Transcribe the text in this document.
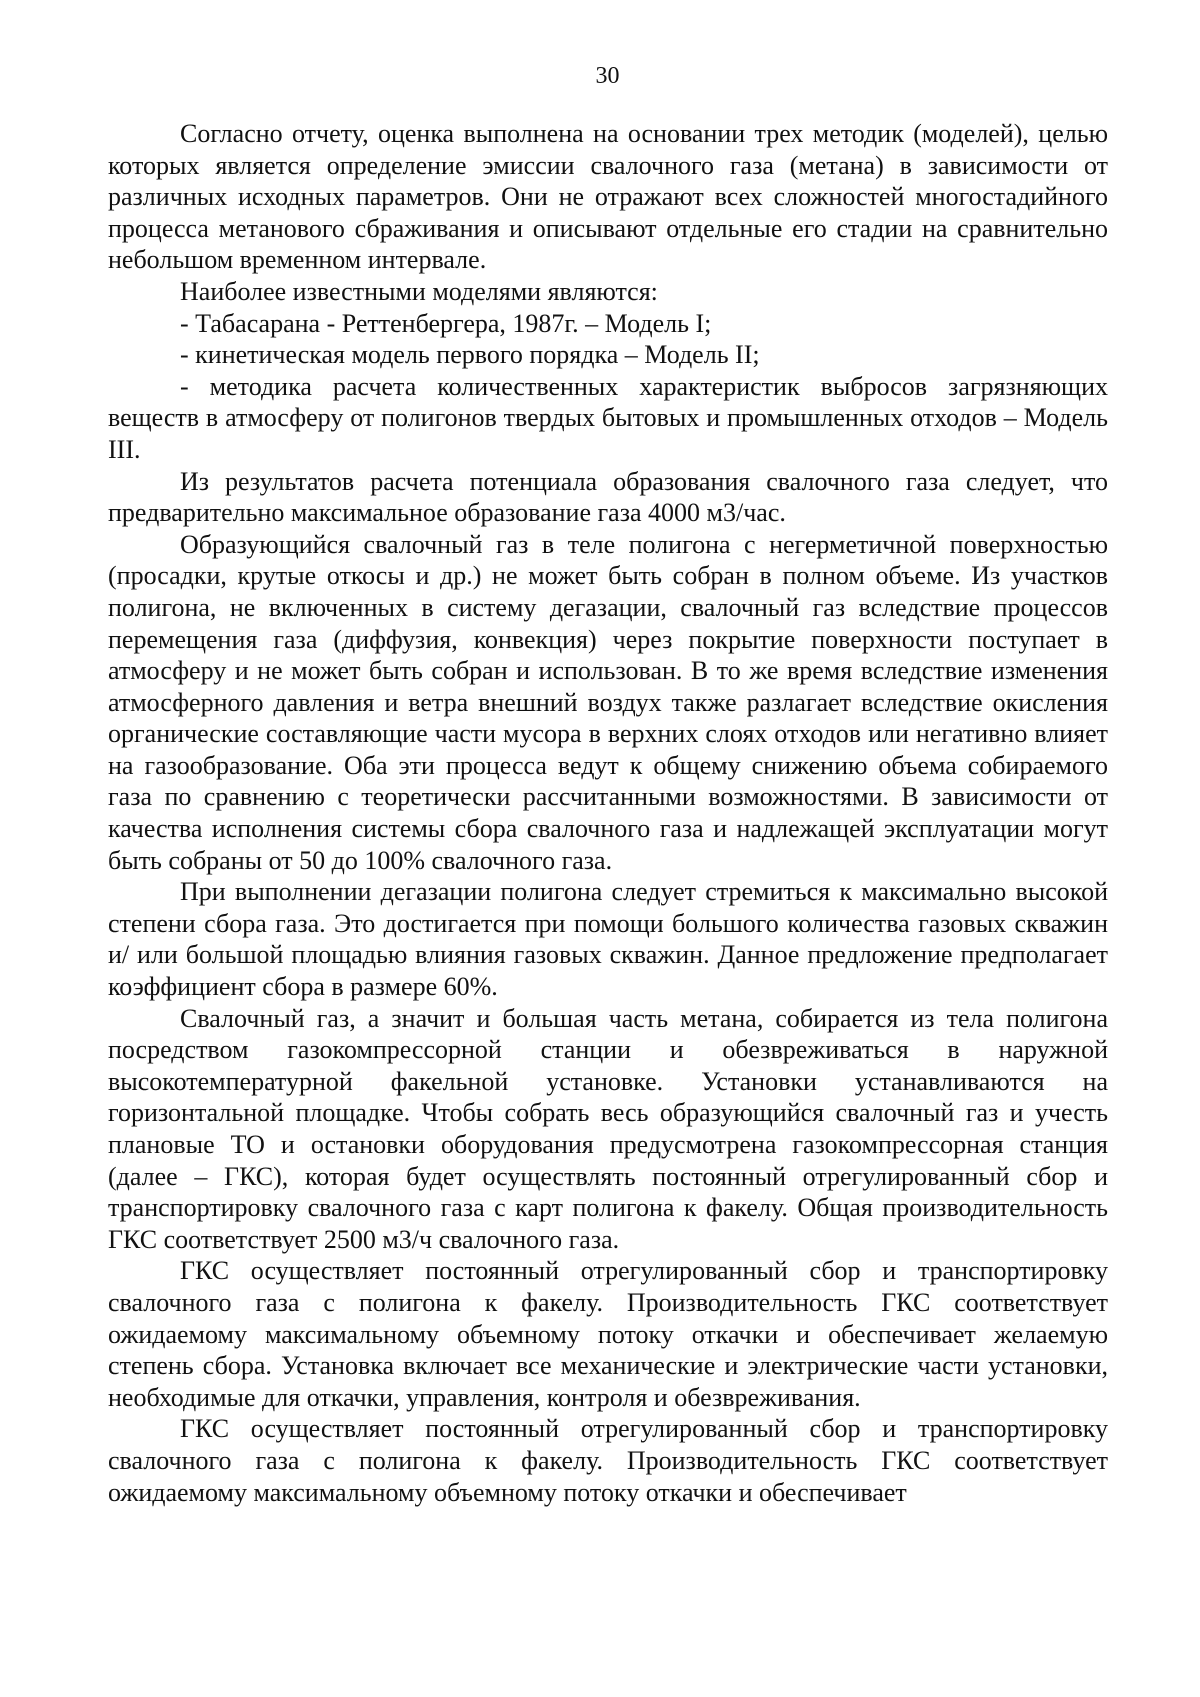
30

Согласно отчету, оценка выполнена на основании трех методик (моделей), целью которых является определение эмиссии свалочного газа (метана) в зависимости от различных исходных параметров. Они не отражают всех сложностей многостадийного процесса метанового сбраживания и описывают отдельные его стадии на сравнительно небольшом временном интервале.

Наиболее известными моделями являются:

- Табасарана - Реттенбергера, 1987г. – Модель I;

- кинетическая модель первого порядка – Модель II;

- методика расчета количественных характеристик выбросов загрязняющих веществ в атмосферу от полигонов твердых бытовых и промышленных отходов – Модель III.

Из результатов расчета потенциала образования свалочного газа следует, что предварительно максимальное образование газа 4000 м3/час.

Образующийся свалочный газ в теле полигона с негерметичной поверхностью (просадки, крутые откосы и др.) не может быть собран в полном объеме. Из участков полигона, не включенных в систему дегазации, свалочный газ вследствие процессов перемещения газа (диффузия, конвекция) через покрытие поверхности поступает в атмосферу и не может быть собран и использован. В то же время вследствие изменения атмосферного давления и ветра внешний воздух также разлагает вследствие окисления органические составляющие части мусора в верхних слоях отходов или негативно влияет на газообразование. Оба эти процесса ведут к общему снижению объема собираемого газа по сравнению с теоретически рассчитанными возможностями. В зависимости от качества исполнения системы сбора свалочного газа и надлежащей эксплуатации могут быть собраны от 50 до 100% свалочного газа.

При выполнении дегазации полигона следует стремиться к максимально высокой степени сбора газа. Это достигается при помощи большого количества газовых скважин и/ или большой площадью влияния газовых скважин. Данное предложение предполагает коэффициент сбора в размере 60%.

Свалочный газ, а значит и большая часть метана, собирается из тела полигона посредством газокомпрессорной станции и обезвреживаться в наружной высокотемпературной факельной установке. Установки устанавливаются на горизонтальной площадке. Чтобы собрать весь образующийся свалочный газ и учесть плановые ТО и остановки оборудования предусмотрена газокомпрессорная станция (далее – ГКС), которая будет осуществлять постоянный отрегулированный сбор и транспортировку свалочного газа с карт полигона к факелу. Общая производительность ГКС соответствует 2500 м3/ч свалочного газа.

ГКС осуществляет постоянный отрегулированный сбор и транспортировку свалочного газа с полигона к факелу. Производительность ГКС соответствует ожидаемому максимальному объемному потоку откачки и обеспечивает желаемую степень сбора. Установка включает все механические и электрические части установки, необходимые для откачки, управления, контроля и обезвреживания.

ГКС осуществляет постоянный отрегулированный сбор и транспортировку свалочного газа с полигона к факелу. Производительность ГКС соответствует ожидаемому максимальному объемному потоку откачки и обеспечивает
